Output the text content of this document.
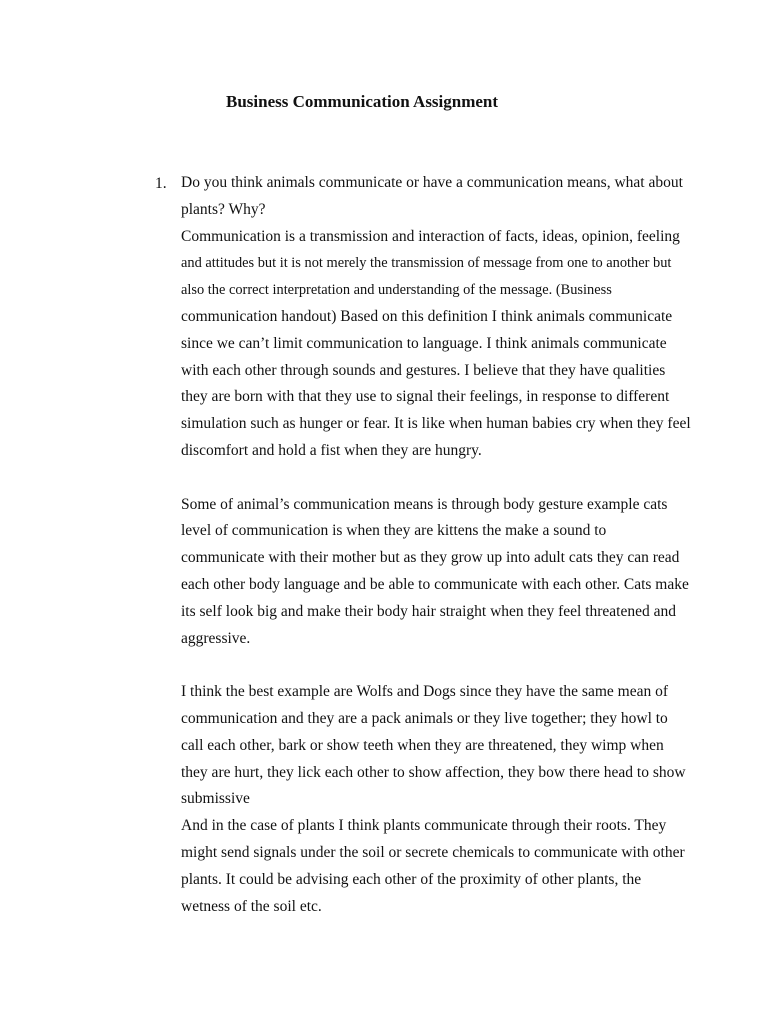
Business Communication Assignment
1. Do you think animals communicate or have a communication means, what about
plants? Why?
Communication is a transmission and interaction of facts, ideas, opinion, feeling
and attitudes but it is not merely the transmission of message from one to another but
also the correct interpretation and understanding of the message. (Business
communication handout) Based on this definition I think animals communicate
since we can’t limit communication to language. I think animals communicate
with each other through sounds and gestures. I believe that they have qualities
they are born with that they use to signal their feelings, in response to different
simulation such as hunger or fear. It is like when human babies cry when they feel
discomfort and hold a fist when they are hungry.
Some of animal’s communication means is through body gesture example cats
level of communication is when they are kittens the make a sound to
communicate with their mother but as they grow up into adult cats they can read
each other body language and be able to communicate with each other. Cats make
its self look big and make their body hair straight when they feel threatened and
aggressive.
I think the best example are Wolfs and Dogs since they have the same mean of
communication and they are a pack animals or they live together; they howl to
call each other, bark or show teeth when they are threatened, they wimp when
they are hurt, they lick each other to show affection, they bow there head to show
submissive
And in the case of plants I think plants communicate through their roots. They
might send signals under the soil or secrete chemicals to communicate with other
plants. It could be advising each other of the proximity of other plants, the
wetness of the soil etc.
